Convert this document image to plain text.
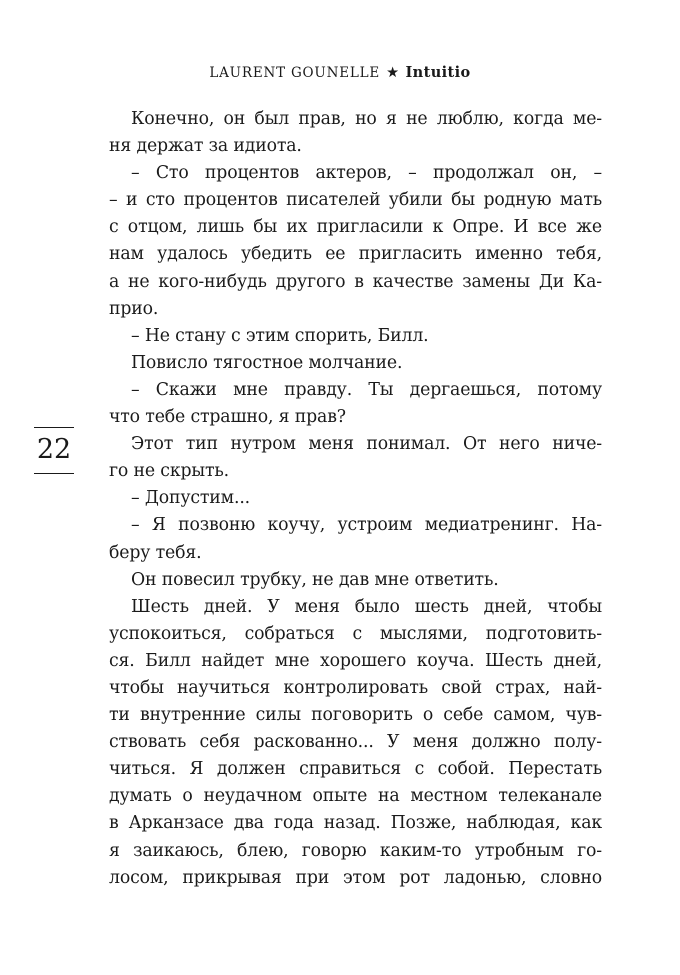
LAURENT GOUNELLE ★ Intuitio
22
Конечно, он был прав, но я не люблю, когда ме-
ня держат за идиота.
– Сто процентов актеров, – продолжал он, –
– и сто процентов писателей убили бы родную мать
с отцом, лишь бы их пригласили к Опре. И все же
нам удалось убедить ее пригласить именно тебя,
а не кого-нибудь другого в качестве замены Ди Ка-
прио.
– Не стану с этим спорить, Билл.
Повисло тягостное молчание.
– Скажи мне правду. Ты дергаешься, потому
что тебе страшно, я прав?
Этот тип нутром меня понимал. От него ниче-
го не скрыть.
– Допустим...
– Я позвоню коучу, устроим медиатренинг. На-
беру тебя.
Он повесил трубку, не дав мне ответить.
Шесть дней. У меня было шесть дней, чтобы
успокоиться, собраться с мыслями, подготовить-
ся. Билл найдет мне хорошего коуча. Шесть дней,
чтобы научиться контролировать свой страх, най-
ти внутренние силы поговорить о себе самом, чув-
ствовать себя раскованно... У меня должно полу-
читься. Я должен справиться с собой. Перестать
думать о неудачном опыте на местном телеканале
в Арканзасе два года назад. Позже, наблюдая, как
я заикаюсь, блею, говорю каким-то утробным го-
лосом, прикрывая при этом рот ладонью, словно
